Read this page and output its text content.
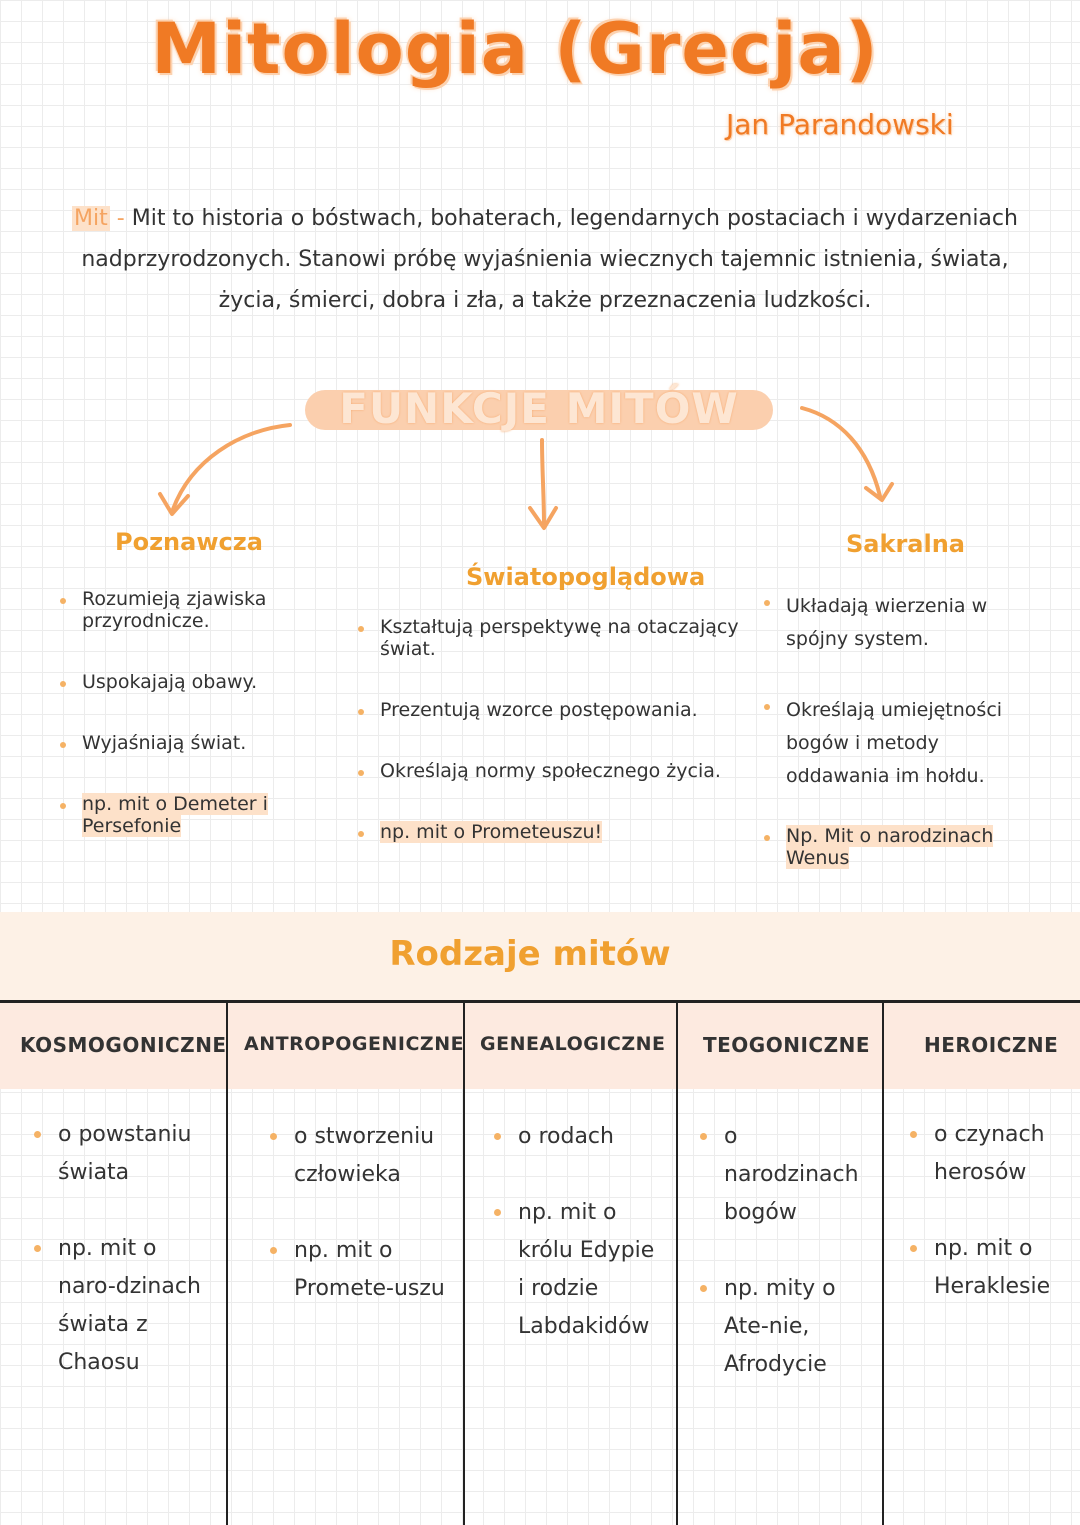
Mitologia (Grecja)
Jan Parandowski
Mit - Mit to historia o bóstwach, bohaterach, legendarnych postaciach i wydarzeniach nadprzyrodzonych. Stanowi próbę wyjaśnienia wiecznych tajemnic istnienia, świata, życia, śmierci, dobra i zła, a także przeznaczenia ludzkości.
FUNKCJE MITÓW
Poznawcza
Rozumieją zjawiska przyrodnicze.
Uspokajają obawy.
Wyjaśniają świat.
np. mit o Demeter i Persefonie
Światopoglądowa
Kształtują perspektywę na otaczający świat.
Prezentują wzorce postępowania.
Określają normy społecznego życia.
np. mit o Prometeuszu!
Sakralna
Układają wierzenia w spójny system.
Określają umiejętności bogów i metody oddawania im hołdu.
Np. Mit o narodzinach Wenus
Rodzaje mitów
KOSMOGONICZNE ANTROPOGENICZNE GENEALOGICZNE TEOGONICZNE	HEROICZNE
o powstaniu świata
np. mit o naro-dzinach świata z Chaosu
o stworzeniu człowieka
np. mit o Promete-uszu
o rodach
np. mit o królu Edypie i rodzie Labdakidów
o narodzinach bogów
np. mity o Ate-nie, Afrodycie
o czynach herosów
np. mit o Heraklesie
